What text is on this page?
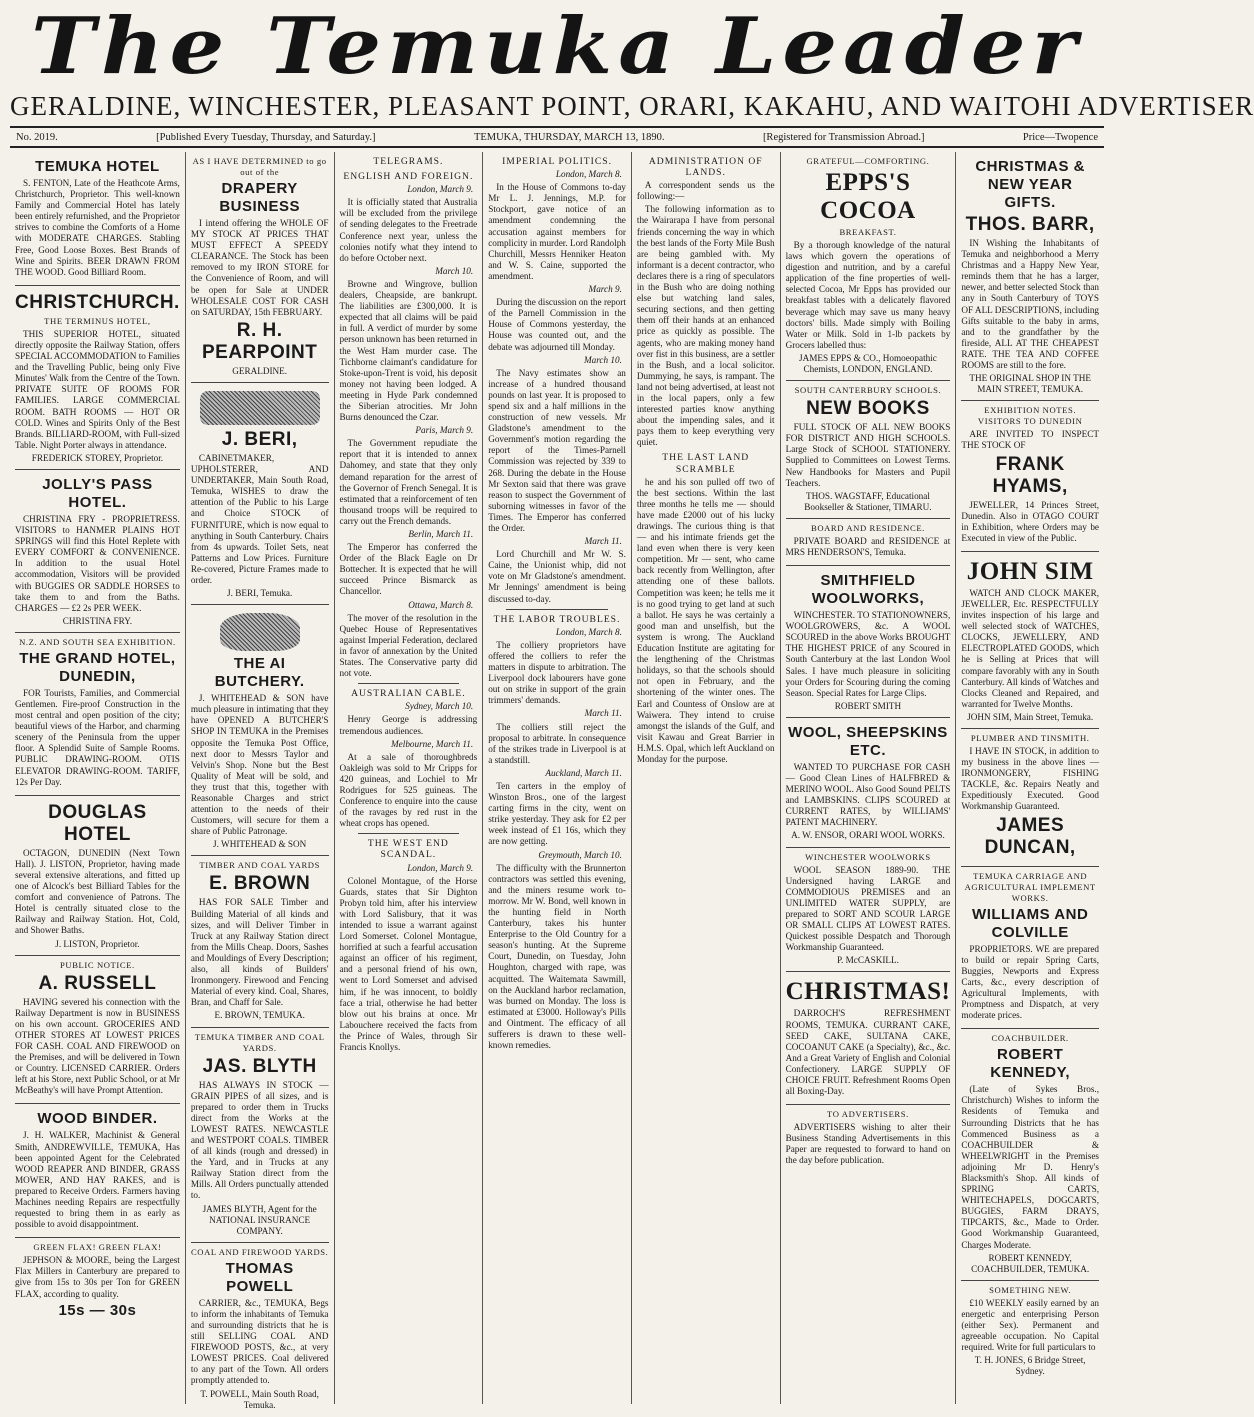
The Temuka Leader
GERALDINE, WINCHESTER, PLEASANT POINT, ORARI, KAKAHU, AND WAITOHI ADVERTISER
No. 2019.	[Published Every Tuesday, Thursday, and Saturday.]	TEMUKA, THURSDAY, MARCH 13, 1890.	[Registered for Transmission Abroad.]	Price—Twopence
TEMUKA HOTEL
S. FENTON, Late of the Heathcote Arms, Christchurch, Proprietor. This well-known Family and Commercial Hotel has lately been entirely refurnished, and the Proprietor strives to combine the Comforts of a Home with MODERATE CHARGES. Stabling Free, Good Loose Boxes. Best Brands of Wine and Spirits. BEER DRAWN FROM THE WOOD. Good Billiard Room.
CHRISTCHURCH.
THE TERMINUS HOTEL,
THIS SUPERIOR HOTEL, situated directly opposite the Railway Station, offers SPECIAL ACCOMMODATION to Families and the Travelling Public, being only Five Minutes' Walk from the Centre of the Town. PRIVATE SUITE OF ROOMS FOR FAMILIES. LARGE COMMERCIAL ROOM. BATH ROOMS — HOT OR COLD. Wines and Spirits Only of the Best Brands. BILLIARD-ROOM, with Full-sized Table. Night Porter always in attendance.
FREDERICK STOREY, Proprietor.
JOLLY'S PASS HOTEL.
CHRISTINA FRY - PROPRIETRESS. VISITORS to HANMER PLAINS HOT SPRINGS will find this Hotel Replete with EVERY COMFORT & CONVENIENCE. In addition to the usual Hotel accommodation, Visitors will be provided with BUGGIES OR SADDLE HORSES to take them to and from the Baths. CHARGES — £2 2s PER WEEK.
CHRISTINA FRY.
N.Z. AND SOUTH SEA EXHIBITION.
THE GRAND HOTEL, DUNEDIN,
FOR Tourists, Families, and Commercial Gentlemen. Fire-proof Construction in the most central and open position of the city; beautiful views of the Harbor, and charming scenery of the Peninsula from the upper floor. A Splendid Suite of Sample Rooms. PUBLIC DRAWING-ROOM. OTIS ELEVATOR DRAWING-ROOM. TARIFF, 12s Per Day.
DOUGLAS HOTEL
OCTAGON, DUNEDIN (Next Town Hall). J. LISTON, Proprietor, having made several extensive alterations, and fitted up one of Alcock's best Billiard Tables for the comfort and convenience of Patrons. The Hotel is centrally situated close to the Railway and Railway Station. Hot, Cold, and Shower Baths.
J. LISTON, Proprietor.
PUBLIC NOTICE.
A. RUSSELL
HAVING severed his connection with the Railway Department is now in BUSINESS on his own account. GROCERIES AND OTHER STORES AT LOWEST PRICES FOR CASH. COAL AND FIREWOOD on the Premises, and will be delivered in Town or Country. LICENSED CARRIER. Orders left at his Store, next Public School, or at Mr McBeathy's will have Prompt Attention.
WOOD BINDER.
J. H. WALKER, Machinist & General Smith, ANDREWVILLE, TEMUKA, Has been appointed Agent for the Celebrated WOOD REAPER AND BINDER, GRASS MOWER, AND HAY RAKES, and is prepared to Receive Orders. Farmers having Machines needing Repairs are respectfully requested to bring them in as early as possible to avoid disappointment.
GREEN FLAX! GREEN FLAX!
JEPHSON & MOORE, being the Largest Flax Millers in Canterbury are prepared to give from 15s to 30s per Ton for GREEN FLAX, according to quality.
15s — 30s
AS I HAVE DETERMINED to go out of the
DRAPERY BUSINESS
I intend offering the WHOLE OF MY STOCK AT PRICES THAT MUST EFFECT A SPEEDY CLEARANCE. The Stock has been removed to my IRON STORE for the Convenience of Room, and will be open for Sale at UNDER WHOLESALE COST FOR CASH on SATURDAY, 15th FEBRUARY.
R. H. PEARPOINT
GERALDINE.
J. BERI,
CABINETMAKER, UPHOLSTERER, AND UNDERTAKER, Main South Road, Temuka, WISHES to draw the attention of the Public to his Large and Choice STOCK of FURNITURE, which is now equal to anything in South Canterbury. Chairs from 4s upwards. Toilet Sets, neat Patterns and Low Prices. Furniture Re-covered, Picture Frames made to order.
J. BERI, Temuka.
THE AI BUTCHERY.
J. WHITEHEAD & SON have much pleasure in intimating that they have OPENED A BUTCHER'S SHOP IN TEMUKA in the Premises opposite the Temuka Post Office, next door to Messrs Taylor and Velvin's Shop. None but the Best Quality of Meat will be sold, and they trust that this, together with Reasonable Charges and strict attention to the needs of their Customers, will secure for them a share of Public Patronage.
J. WHITEHEAD & SON
TIMBER AND COAL YARDS
E. BROWN
HAS FOR SALE Timber and Building Material of all kinds and sizes, and will Deliver Timber in Truck at any Railway Station direct from the Mills Cheap. Doors, Sashes and Mouldings of Every Description; also, all kinds of Builders' Ironmongery. Firewood and Fencing Material of every kind. Coal, Shares, Bran, and Chaff for Sale.
E. BROWN, TEMUKA.
TEMUKA TIMBER AND COAL YARDS.
JAS. BLYTH
HAS ALWAYS IN STOCK — GRAIN PIPES of all sizes, and is prepared to order them in Trucks direct from the Works at the LOWEST RATES. NEWCASTLE and WESTPORT COALS. TIMBER of all kinds (rough and dressed) in the Yard, and in Trucks at any Railway Station direct from the Mills. All Orders punctually attended to.
JAMES BLYTH, Agent for the NATIONAL INSURANCE COMPANY.
COAL AND FIREWOOD YARDS.
THOMAS POWELL
CARRIER, &c., TEMUKA, Begs to inform the inhabitants of Temuka and surrounding districts that he is still SELLING COAL AND FIREWOOD POSTS, &c., at very LOWEST PRICES. Coal delivered to any part of the Town. All orders promptly attended to.
T. POWELL, Main South Road, Temuka.
TELEGRAMS.
ENGLISH AND FOREIGN.
London, March 9.
It is officially stated that Australia will be excluded from the privilege of sending delegates to the Freetrade Conference next year, unless the colonies notify what they intend to do before October next.
March 10.
Browne and Wingrove, bullion dealers, Cheapside, are bankrupt. The liabilities are £300,000. It is expected that all claims will be paid in full. A verdict of murder by some person unknown has been returned in the West Ham murder case. The Tichborne claimant's candidature for Stoke-upon-Trent is void, his deposit money not having been lodged. A meeting in Hyde Park condemned the Siberian atrocities. Mr John Burns denounced the Czar.
Paris, March 9.
The Government repudiate the report that it is intended to annex Dahomey, and state that they only demand reparation for the arrest of the Governor of French Senegal. It is estimated that a reinforcement of ten thousand troops will be required to carry out the French demands.
Berlin, March 11.
The Emperor has conferred the Order of the Black Eagle on Dr Bottecher. It is expected that he will succeed Prince Bismarck as Chancellor.
Ottawa, March 8.
The mover of the resolution in the Quebec House of Representatives against Imperial Federation, declared in favor of annexation by the United States. The Conservative party did not vote.
AUSTRALIAN CABLE.
Sydney, March 10.
Henry George is addressing tremendous audiences.
Melbourne, March 11.
At a sale of thoroughbreds Oakleigh was sold to Mr Cripps for 420 guineas, and Lochiel to Mr Rodrigues for 525 guineas. The Conference to enquire into the cause of the ravages by red rust in the wheat crops has opened.
THE WEST END SCANDAL.
London, March 9.
Colonel Montague, of the Horse Guards, states that Sir Dighton Probyn told him, after his interview with Lord Salisbury, that it was intended to issue a warrant against Lord Somerset. Colonel Montague, horrified at such a fearful accusation against an officer of his regiment, and a personal friend of his own, went to Lord Somerset and advised him, if he was innocent, to boldly face a trial, otherwise he had better blow out his brains at once. Mr Labouchere received the facts from the Prince of Wales, through Sir Francis Knollys.
IMPERIAL POLITICS.
London, March 8.
In the House of Commons to-day Mr L. J. Jennings, M.P. for Stockport, gave notice of an amendment condemning the accusation against members for complicity in murder. Lord Randolph Churchill, Messrs Henniker Heaton and W. S. Caine, supported the amendment.
March 9.
During the discussion on the report of the Parnell Commission in the House of Commons yesterday, the House was counted out, and the debate was adjourned till Monday.
March 10.
The Navy estimates show an increase of a hundred thousand pounds on last year. It is proposed to spend six and a half millions in the construction of new vessels. Mr Gladstone's amendment to the Government's motion regarding the report of the Times-Parnell Commission was rejected by 339 to 268. During the debate in the House Mr Sexton said that there was grave reason to suspect the Government of suborning witnesses in favor of the Times. The Emperor has conferred the Order.
March 11.
Lord Churchill and Mr W. S. Caine, the Unionist whip, did not vote on Mr Gladstone's amendment. Mr Jennings' amendment is being discussed to-day.
THE LABOR TROUBLES.
London, March 8.
The colliery proprietors have offered the colliers to refer the matters in dispute to arbitration. The Liverpool dock labourers have gone out on strike in support of the grain trimmers' demands.
March 11.
The colliers still reject the proposal to arbitrate. In consequence of the strikes trade in Liverpool is at a standstill.
Auckland, March 11.
Ten carters in the employ of Winston Bros., one of the largest carting firms in the city, went on strike yesterday. They ask for £2 per week instead of £1 16s, which they are now getting.
Greymouth, March 10.
The difficulty with the Brunnerton contractors was settled this evening, and the miners resume work to-morrow. Mr W. Bond, well known in the hunting field in North Canterbury, takes his hunter Enterprise to the Old Country for a season's hunting. At the Supreme Court, Dunedin, on Tuesday, John Houghton, charged with rape, was acquitted. The Waitemata Sawmill, on the Auckland harbor reclamation, was burned on Monday. The loss is estimated at £3000. Holloway's Pills and Ointment. The efficacy of all sufferers is drawn to these well-known remedies.
ADMINISTRATION OF LANDS.
A correspondent sends us the following:—
The following information as to the Wairarapa I have from personal friends concerning the way in which the best lands of the Forty Mile Bush are being gambled with. My informant is a decent contractor, who declares there is a ring of speculators in the Bush who are doing nothing else but watching land sales, securing sections, and then getting them off their hands at an enhanced price as quickly as possible. The agents, who are making money hand over fist in this business, are a settler in the Bush, and a local solicitor. Dummying, he says, is rampant. The land not being advertised, at least not in the local papers, only a few interested parties know anything about the impending sales, and it pays them to keep everything very quiet.
THE LAST LAND SCRAMBLE
he and his son pulled off two of the best sections. Within the last three months he tells me — should have made £2000 out of his lucky drawings. The curious thing is that — and his intimate friends get the land even when there is very keen competition. Mr — sent, who came back recently from Wellington, after attending one of these ballots. Competition was keen; he tells me it is no good trying to get land at such a ballot. He says he was certainly a good man and unselfish, but the system is wrong. The Auckland Education Institute are agitating for the lengthening of the Christmas holidays, so that the schools should not open in February, and the shortening of the winter ones. The Earl and Countess of Onslow are at Waiwera. They intend to cruise amongst the islands of the Gulf, and visit Kawau and Great Barrier in H.M.S. Opal, which left Auckland on Monday for the purpose.
GRATEFUL—COMFORTING.
EPPS'S COCOA
BREAKFAST.
By a thorough knowledge of the natural laws which govern the operations of digestion and nutrition, and by a careful application of the fine properties of well-selected Cocoa, Mr Epps has provided our breakfast tables with a delicately flavored beverage which may save us many heavy doctors' bills. Made simply with Boiling Water or Milk. Sold in 1-lb packets by Grocers labelled thus:
JAMES EPPS & CO., Homoeopathic Chemists, LONDON, ENGLAND.
SOUTH CANTERBURY SCHOOLS.
NEW BOOKS
FULL STOCK OF ALL NEW BOOKS FOR DISTRICT AND HIGH SCHOOLS. Large Stock of SCHOOL STATIONERY. Supplied to Committees on Lowest Terms. New Handbooks for Masters and Pupil Teachers.
THOS. WAGSTAFF, Educational Bookseller & Stationer, TIMARU.
BOARD AND RESIDENCE.
PRIVATE BOARD and RESIDENCE at MRS HENDERSON'S, Temuka.
SMITHFIELD WOOLWORKS,
WINCHESTER. TO STATIONOWNERS, WOOLGROWERS, &c. A WOOL SCOURED in the above Works BROUGHT THE HIGHEST PRICE of any Scoured in South Canterbury at the last London Wool Sales. I have much pleasure in soliciting your Orders for Scouring during the coming Season. Special Rates for Large Clips.
ROBERT SMITH
WOOL, SHEEPSKINS ETC.
WANTED TO PURCHASE FOR CASH — Good Clean Lines of HALFBRED & MERINO WOOL. Also Good Sound PELTS and LAMBSKINS. CLIPS SCOURED at CURRENT RATES, by WILLIAMS' PATENT MACHINERY.
A. W. ENSOR, ORARI WOOL WORKS.
WINCHESTER WOOLWORKS
WOOL SEASON 1889-90. THE Undersigned having LARGE and COMMODIOUS PREMISES and an UNLIMITED WATER SUPPLY, are prepared to SORT AND SCOUR LARGE OR SMALL CLIPS AT LOWEST RATES. Quickest possible Despatch and Thorough Workmanship Guaranteed.
P. McCASKILL.
CHRISTMAS!
DARROCH'S REFRESHMENT ROOMS, TEMUKA. CURRANT CAKE, SEED CAKE, SULTANA CAKE, COCOANUT CAKE (a Specialty), &c., &c. And a Great Variety of English and Colonial Confectionery. LARGE SUPPLY OF CHOICE FRUIT. Refreshment Rooms Open all Boxing-Day.
TO ADVERTISERS.
ADVERTISERS wishing to alter their Business Standing Advertisements in this Paper are requested to forward to hand on the day before publication.
CHRISTMAS & NEW YEAR GIFTS.
THOS. BARR,
IN Wishing the Inhabitants of Temuka and neighborhood a Merry Christmas and a Happy New Year, reminds them that he has a larger, newer, and better selected Stock than any in South Canterbury of TOYS OF ALL DESCRIPTIONS, including Gifts suitable to the baby in arms, and to the grandfather by the fireside, ALL AT THE CHEAPEST RATE. THE TEA AND COFFEE ROOMS are still to the fore.
THE ORIGINAL SHOP IN THE MAIN STREET, TEMUKA.
EXHIBITION NOTES.
VISITORS TO DUNEDIN
ARE INVITED TO INSPECT THE STOCK OF
FRANK HYAMS,
JEWELLER, 14 Princes Street, Dunedin. Also in OTAGO COURT in Exhibition, where Orders may be Executed in view of the Public.
JOHN SIM
WATCH AND CLOCK MAKER, JEWELLER, Etc. RESPECTFULLY invites inspection of his large and well selected stock of WATCHES, CLOCKS, JEWELLERY, AND ELECTROPLATED GOODS, which he is Selling at Prices that will compare favorably with any in South Canterbury. All kinds of Watches and Clocks Cleaned and Repaired, and warranted for Twelve Months.
JOHN SIM, Main Street, Temuka.
PLUMBER AND TINSMITH.
I HAVE IN STOCK, in addition to my business in the above lines — IRONMONGERY, FISHING TACKLE, &c. Repairs Neatly and Expeditiously Executed. Good Workmanship Guaranteed.
JAMES DUNCAN,
TEMUKA CARRIAGE AND AGRICULTURAL IMPLEMENT WORKS.
WILLIAMS AND COLVILLE
PROPRIETORS. WE are prepared to build or repair Spring Carts, Buggies, Newports and Express Carts, &c., every description of Agricultural Implements, with Promptness and Dispatch, at very moderate prices.
COACHBUILDER.
ROBERT KENNEDY,
(Late of Sykes Bros., Christchurch) Wishes to inform the Residents of Temuka and Surrounding Districts that he has Commenced Business as a COACHBUILDER & WHEELWRIGHT in the Premises adjoining Mr D. Henry's Blacksmith's Shop. All kinds of SPRING CARTS, WHITECHAPELS, DOGCARTS, BUGGIES, FARM DRAYS, TIPCARTS, &c., Made to Order. Good Workmanship Guaranteed, Charges Moderate.
ROBERT KENNEDY, COACHBUILDER, TEMUKA.
SOMETHING NEW.
£10 WEEKLY easily earned by an energetic and enterprising Person (either Sex). Permanent and agreeable occupation. No Capital required. Write for full particulars to
T. H. JONES, 6 Bridge Street, Sydney.
